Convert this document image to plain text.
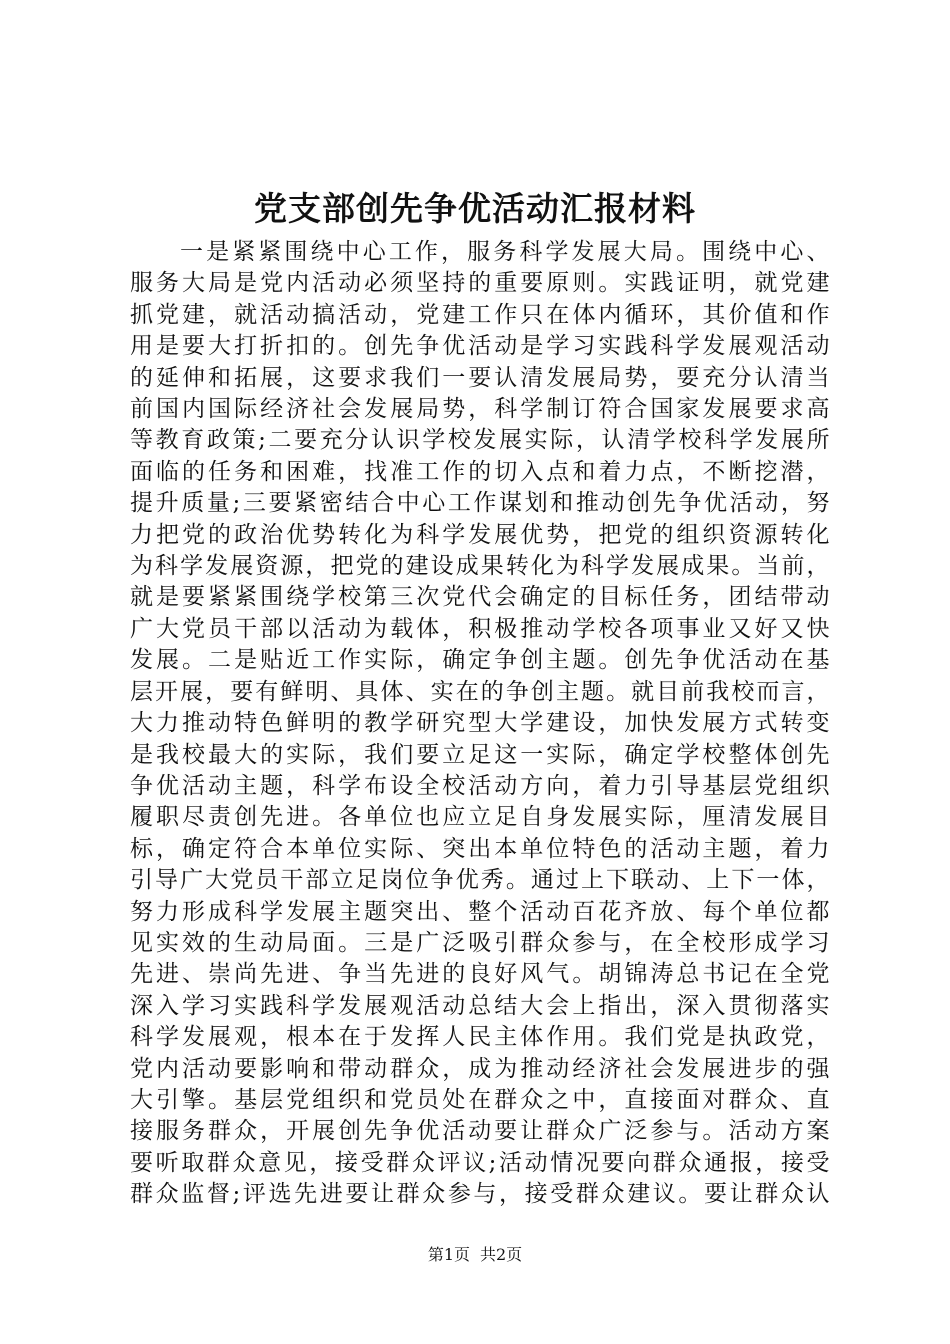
党支部创先争优活动汇报材料
一是紧紧围绕中心工作，服务科学发展大局。围绕中心、
服务大局是党内活动必须坚持的重要原则。实践证明，就党建
抓党建，就活动搞活动，党建工作只在体内循环，其价值和作
用是要大打折扣的。创先争优活动是学习实践科学发展观活动
的延伸和拓展，这要求我们一要认清发展局势，要充分认清当
前国内国际经济社会发展局势，科学制订符合国家发展要求高
等教育政策;二要充分认识学校发展实际，认清学校科学发展所
面临的任务和困难，找准工作的切入点和着力点，不断挖潜，
提升质量;三要紧密结合中心工作谋划和推动创先争优活动，努
力把党的政治优势转化为科学发展优势，把党的组织资源转化
为科学发展资源，把党的建设成果转化为科学发展成果。当前，
就是要紧紧围绕学校第三次党代会确定的目标任务，团结带动
广大党员干部以活动为载体，积极推动学校各项事业又好又快
发展。二是贴近工作实际，确定争创主题。创先争优活动在基
层开展，要有鲜明、具体、实在的争创主题。就目前我校而言，
大力推动特色鲜明的教学研究型大学建设，加快发展方式转变
是我校最大的实际，我们要立足这一实际，确定学校整体创先
争优活动主题，科学布设全校活动方向，着力引导基层党组织
履职尽责创先进。各单位也应立足自身发展实际，厘清发展目
标，确定符合本单位实际、突出本单位特色的活动主题，着力
引导广大党员干部立足岗位争优秀。通过上下联动、上下一体，
努力形成科学发展主题突出、整个活动百花齐放、每个单位都
见实效的生动局面。三是广泛吸引群众参与，在全校形成学习
先进、崇尚先进、争当先进的良好风气。胡锦涛总书记在全党
深入学习实践科学发展观活动总结大会上指出，深入贯彻落实
科学发展观，根本在于发挥人民主体作用。我们党是执政党，
党内活动要影响和带动群众，成为推动经济社会发展进步的强
大引擎。基层党组织和党员处在群众之中，直接面对群众、直
接服务群众，开展创先争优活动要让群众广泛参与。活动方案
要听取群众意见，接受群众评议;活动情况要向群众通报，接受
群众监督;评选先进要让群众参与，接受群众建议。要让群众认
第1页 共2页
